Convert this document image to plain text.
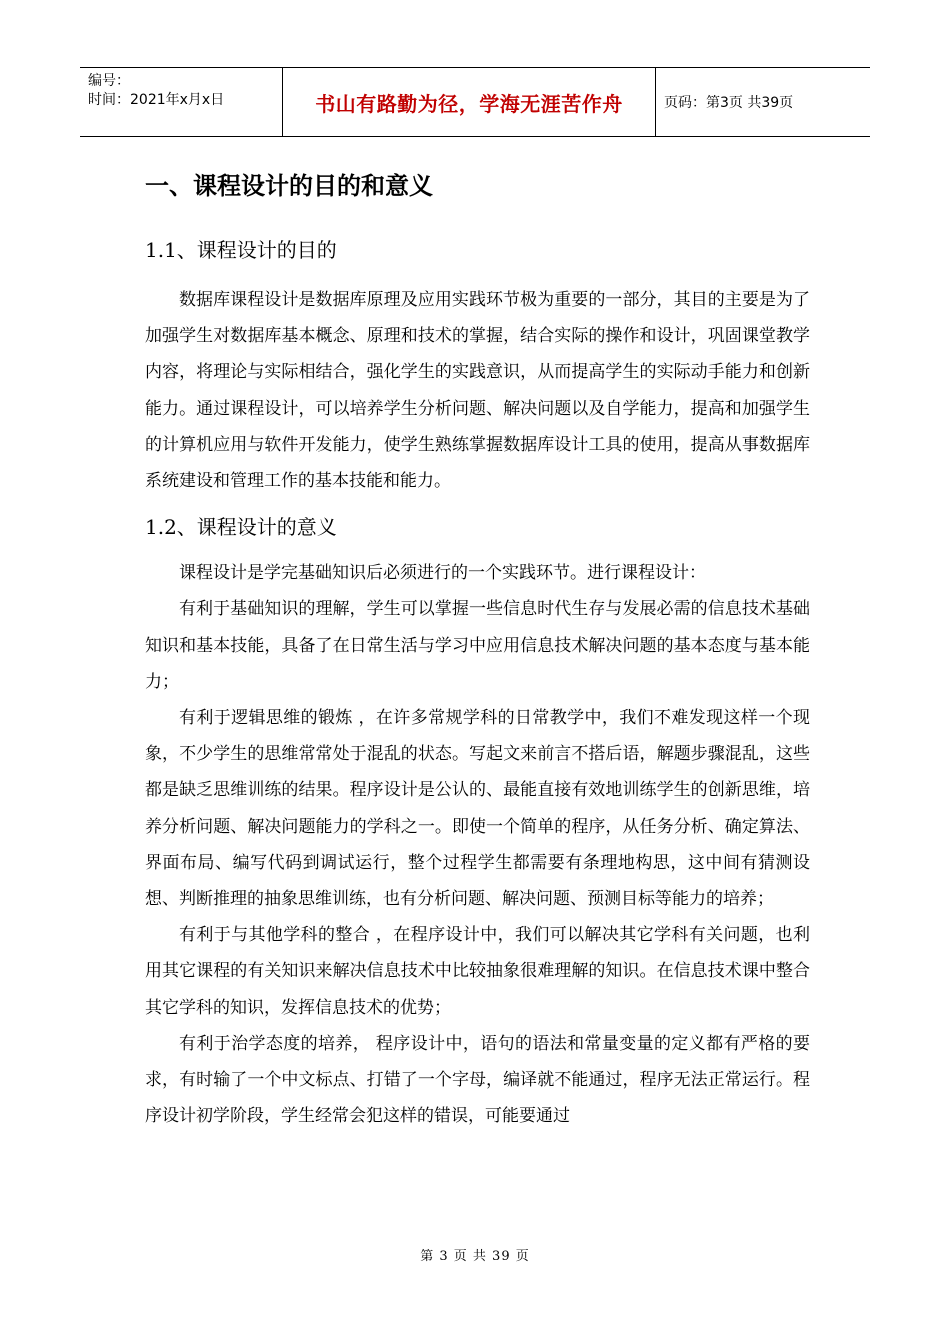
编号：
时间：2021年x月x日	书山有路勤为径，学海无涯苦作舟	页码：第3页 共39页
一、课程设计的目的和意义
1.1、课程设计的目的

数据库课程设计是数据库原理及应用实践环节极为重要的一部分，其目的主要是为了加强学生对数据库基本概念、原理和技术的掌握，结合实际的操作和设计，巩固课堂教学内容，将理论与实际相结合，强化学生的实践意识，从而提高学生的实际动手能力和创新能力。通过课程设计，可以培养学生分析问题、解决问题以及自学能力，提高和加强学生的计算机应用与软件开发能力，使学生熟练掌握数据库设计工具的使用，提高从事数据库系统建设和管理工作的基本技能和能力。

1.2、课程设计的意义

课程设计是学完基础知识后必须进行的一个实践环节。进行课程设计：

有利于基础知识的理解，学生可以掌握一些信息时代生存与发展必需的信息技术基础知识和基本技能，具备了在日常生活与学习中应用信息技术解决问题的基本态度与基本能力；

有利于逻辑思维的锻炼 ，在许多常规学科的日常教学中，我们不难发现这样一个现象，不少学生的思维常常处于混乱的状态。写起文来前言不搭后语，解题步骤混乱，这些都是缺乏思维训练的结果。程序设计是公认的、最能直接有效地训练学生的创新思维，培养分析问题、解决问题能力的学科之一。即使一个简单的程序，从任务分析、确定算法、界面布局、编写代码到调试运行，整个过程学生都需要有条理地构思，这中间有猜测设想、判断推理的抽象思维训练，也有分析问题、解决问题、预测目标等能力的培养；

有利于与其他学科的整合 ，在程序设计中，我们可以解决其它学科有关问题，也利用其它课程的有关知识来解决信息技术中比较抽象很难理解的知识。在信息技术课中整合其它学科的知识，发挥信息技术的优势；

有利于治学态度的培养， 程序设计中，语句的语法和常量变量的定义都有严格的要求，有时输了一个中文标点、打错了一个字母，编译就不能通过，程序无法正常运行。程序设计初学阶段，学生经常会犯这样的错误，可能要通过

第 3 页 共 39 页
